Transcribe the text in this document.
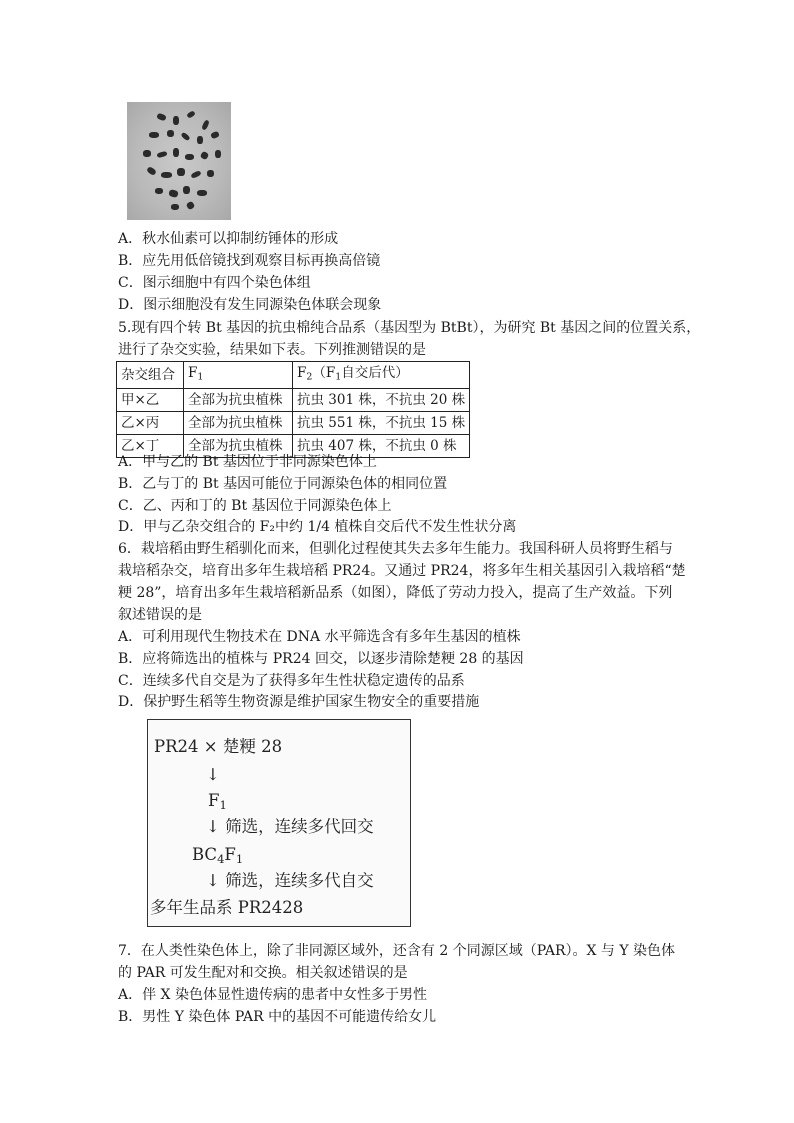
A．秋水仙素可以抑制纺锤体的形成
B．应先用低倍镜找到观察目标再换高倍镜
C．图示细胞中有四个染色体组
D．图示细胞没有发生同源染色体联会现象
5.现有四个转 Bt 基因的抗虫棉纯合品系（基因型为 BtBt），为研究 Bt 基因之间的位置关系，
进行了杂交实验，结果如下表。下列推测错误的是
杂交组合	$F_1$	$F_2(F_1$自交后代）
甲×乙	全部为抗虫植株	抗虫 301 株，不抗虫 20 株
乙×丙	全部为抗虫植株	抗虫 551 株，不抗虫 15 株
乙×丁	全部为抗虫植株	抗虫 407 株，不抗虫 0 株
A．甲与乙的 Bt 基因位于非同源染色体上
B．乙与丁的 Bt 基因可能位于同源染色体的相同位置
C．乙、丙和丁的 Bt 基因位于同源染色体上
D．甲与乙杂交组合的 F₂中约 1/4 植株自交后代不发生性状分离
6．栽培稻由野生稻驯化而来，但驯化过程使其失去多年生能力。我国科研人员将野生稻与
栽培稻杂交，培育出多年生栽培稻 PR24。又通过 PR24，将多年生相关基因引入栽培稻“楚
粳 28”，培育出多年生栽培稻新品系（如图），降低了劳动力投入，提高了生产效益。下列
叙述错误的是
A．可利用现代生物技术在 DNA 水平筛选含有多年生基因的植株
B．应将筛选出的植株与 PR24 回交，以逐步清除楚粳 28 的基因
C．连续多代自交是为了获得多年生性状稳定遗传的品系
D．保护野生稻等生物资源是维护国家生物安全的重要措施
PR24 × 楚粳 28
↓
$F_1$
↓ 筛选，连续多代回交
$BC_4F_1$
↓ 筛选，连续多代自交
多年生品系 PR2428
7．在人类性染色体上，除了非同源区域外，还含有 2 个同源区域（PAR）。X 与 Y 染色体
的 PAR 可发生配对和交换。相关叙述错误的是
A．伴 X 染色体显性遗传病的患者中女性多于男性
B．男性 Y 染色体 PAR 中的基因不可能遗传给女儿
